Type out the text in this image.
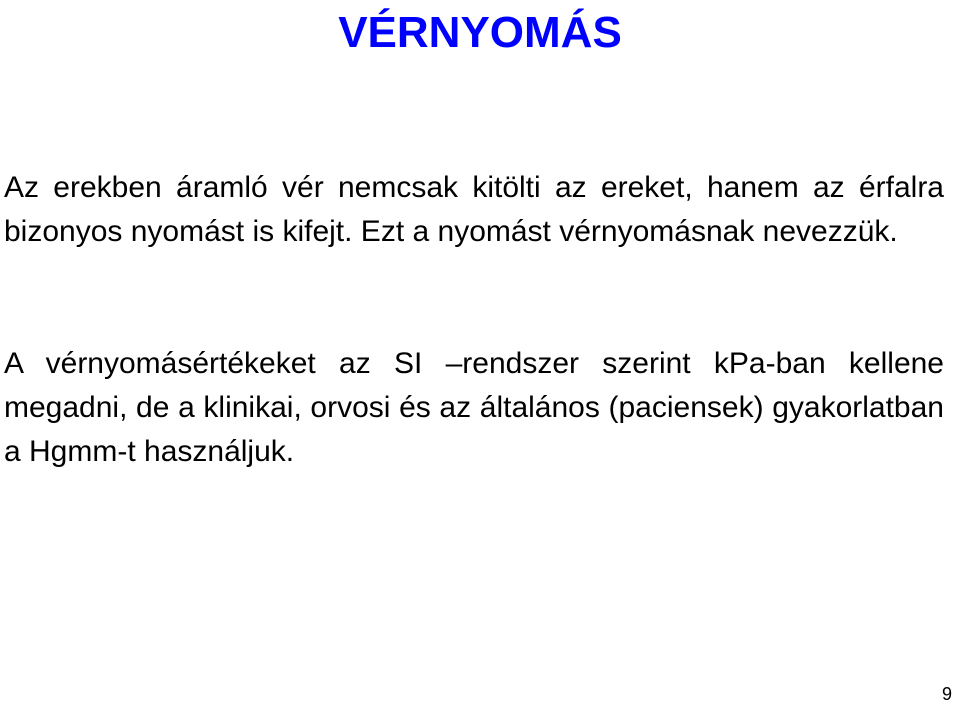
VÉRNYOMÁS

Az erekben áramló vér nemcsak kitölti az ereket, hanem az érfalra bizonyos nyomást is kifejt. Ezt a nyomást vérnyomásnak nevezzük.

A vérnyomásértékeket az SI –rendszer szerint kPa-ban kellene megadni, de a klinikai, orvosi és az általános (paciensek) gyakorlatban a Hgmm-t használjuk.

9
